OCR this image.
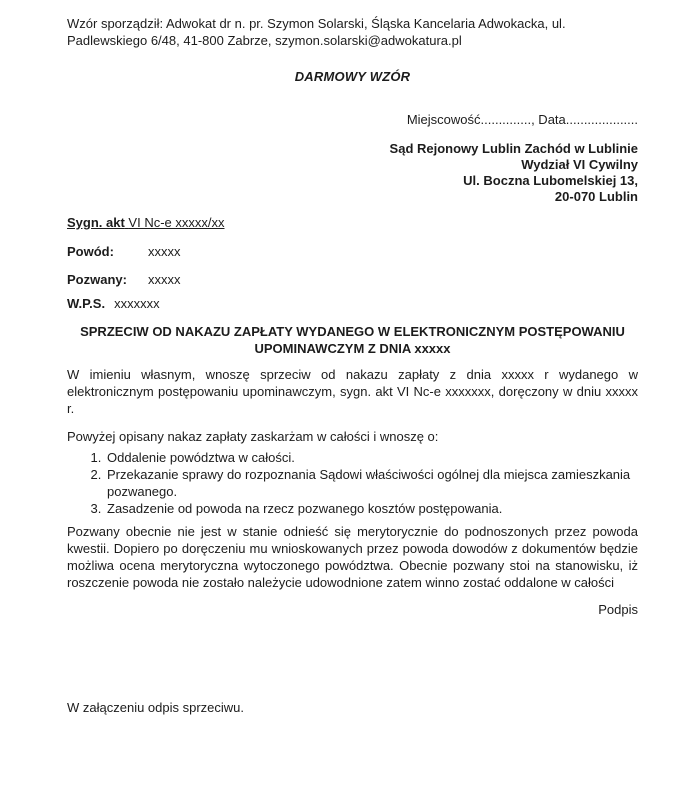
Wzór sporządził: Adwokat dr n. pr. Szymon Solarski, Śląska Kancelaria Adwokacka, ul. Padlewskiego 6/48, 41-800 Zabrze, szymon.solarski@adwokatura.pl

DARMOWY WZÓR

Miejscowość.............., Data....................

Sąd Rejonowy Lublin Zachód w Lublinie
Wydział VI Cywilny
Ul. Boczna Lubomelskiej 13,
20-070 Lublin

Sygn. akt VI Nc-e xxxxx/xx

Powód:	xxxxx

Pozwany: xxxxx

W.P.S. xxxxxxx

SPRZECIW OD NAKAZU ZAPŁATY WYDANEGO W ELEKTRONICZNYM POSTĘPOWANIU UPOMINAWCZYM Z DNIA xxxxx

W imieniu własnym, wnoszę sprzeciw od nakazu zapłaty z dnia xxxxx r wydanego w elektronicznym postępowaniu upominawczym, sygn. akt VI Nc-e xxxxxxx, doręczony w dniu xxxxx r.

Powyżej opisany nakaz zapłaty zaskarżam w całości i wnoszę o:

1. Oddalenie powództwa w całości.
2. Przekazanie sprawy do rozpoznania Sądowi właściwości ogólnej dla miejsca zamieszkania pozwanego.
3. Zasadzenie od powoda na rzecz pozwanego kosztów postępowania.

Pozwany obecnie nie jest w stanie odnieść się merytorycznie do podnoszonych przez powoda kwestii. Dopiero po doręczeniu mu wnioskowanych przez powoda dowodów z dokumentów będzie możliwa ocena merytoryczna wytoczonego powództwa. Obecnie pozwany stoi na stanowisku, iż roszczenie powoda nie zostało należycie udowodnione zatem winno zostać oddalone w całości

Podpis

W załączeniu odpis sprzeciwu.
